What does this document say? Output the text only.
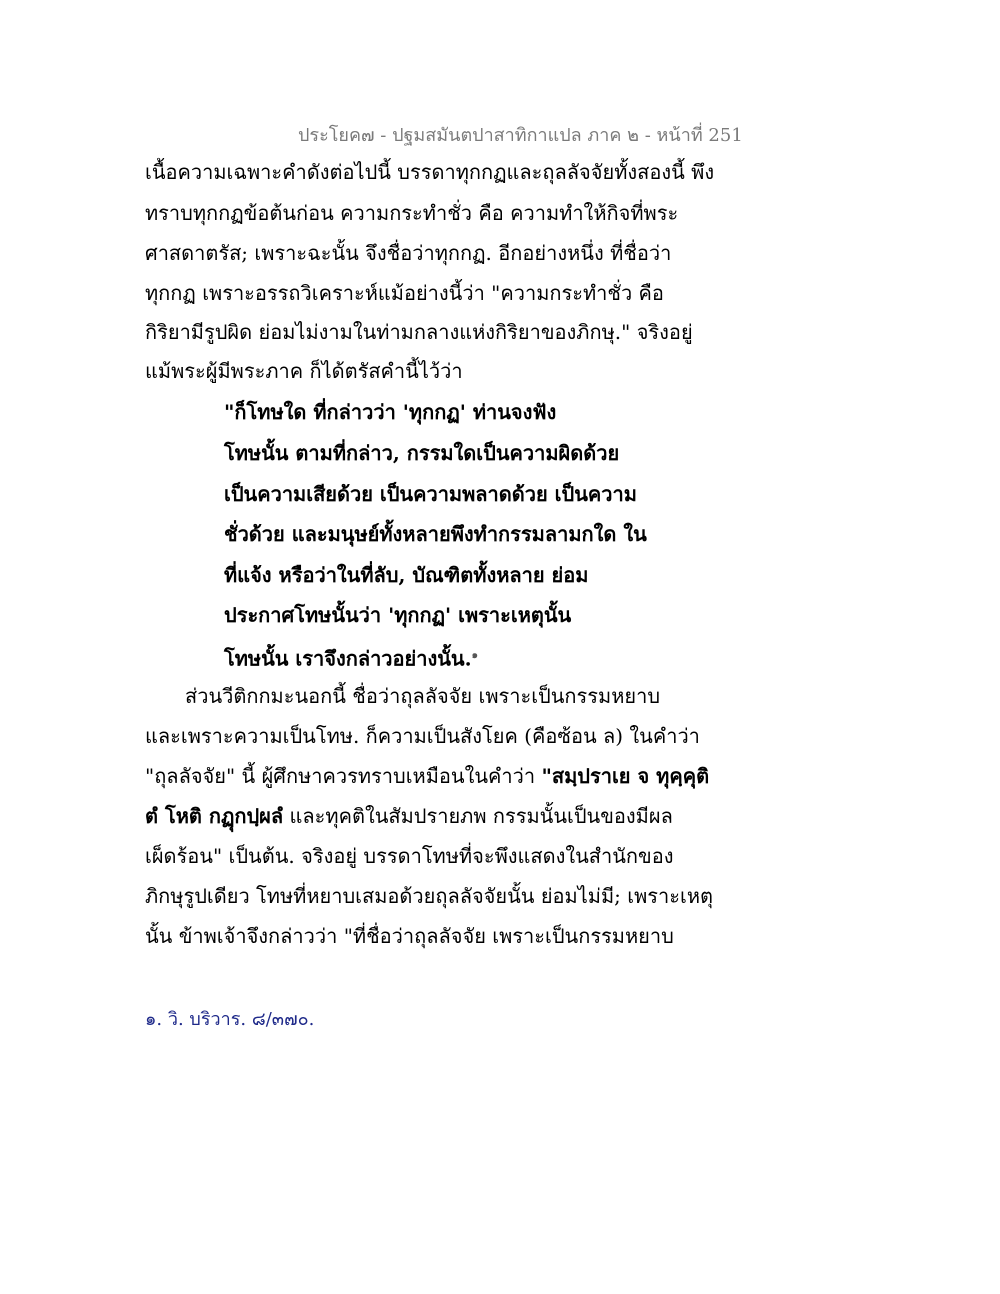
ประโยค๗ - ปฐมสมันตปาสาทิกาแปล ภาค ๒ - หน้าที่ 251
เนื้อความเฉพาะคำดังต่อไปนี้ บรรดาทุกกฏและถุลลัจจัยทั้งสองนี้ พึง
ทราบทุกกฏข้อต้นก่อน ความกระทำชั่ว คือ ความทำให้กิจที่พระ
ศาสดาตรัส; เพราะฉะนั้น จึงชื่อว่าทุกกฏ. อีกอย่างหนึ่ง ที่ชื่อว่า
ทุกกฏ เพราะอรรถวิเคราะห์แม้อย่างนี้ว่า "ความกระทำชั่ว คือ
กิริยามีรูปผิด ย่อมไม่งามในท่ามกลางแห่งกิริยาของภิกษุ." จริงอยู่
แม้พระผู้มีพระภาค ก็ได้ตรัสคำนี้ไว้ว่า
"ก็โทษใด ที่กล่าวว่า 'ทุกกฏ' ท่านจงฟัง
โทษนั้น ตามที่กล่าว, กรรมใดเป็นความผิดด้วย
เป็นความเสียด้วย เป็นความพลาดด้วย เป็นความ
ชั่วด้วย และมนุษย์ทั้งหลายพึงทำกรรมลามกใด ใน
ที่แจ้ง หรือว่าในที่ลับ, บัณฑิตทั้งหลาย ย่อม
ประกาศโทษนั้นว่า 'ทุกกฏ' เพราะเหตุนั้น
โทษนั้น เราจึงกล่าวอย่างนั้น.$^๑$
ส่วนวีติกกมะนอกนี้ ชื่อว่าถุลลัจจัย เพราะเป็นกรรมหยาบ
และเพราะความเป็นโทษ. ก็ความเป็นสังโยค (คือซ้อน ล) ในคำว่า
"ถุลลัจจัย" นี้ ผู้ศึกษาควรทราบเหมือนในคำว่า "สมฺปราเย จ ทุคฺคุติ
ตํ โหติ กฏุกปฺผลํ และทุคติในสัมปรายภพ กรรมนั้นเป็นของมีผล
เผ็ดร้อน" เป็นต้น. จริงอยู่ บรรดาโทษที่จะพึงแสดงในสำนักของ
ภิกษุรูปเดียว โทษที่หยาบเสมอด้วยถุลลัจจัยนั้น ย่อมไม่มี; เพราะเหตุ
นั้น ข้าพเจ้าจึงกล่าวว่า "ที่ชื่อว่าถุลลัจจัย เพราะเป็นกรรมหยาบ
๑. วิ. บริวาร. ๘/๓๗๐.
